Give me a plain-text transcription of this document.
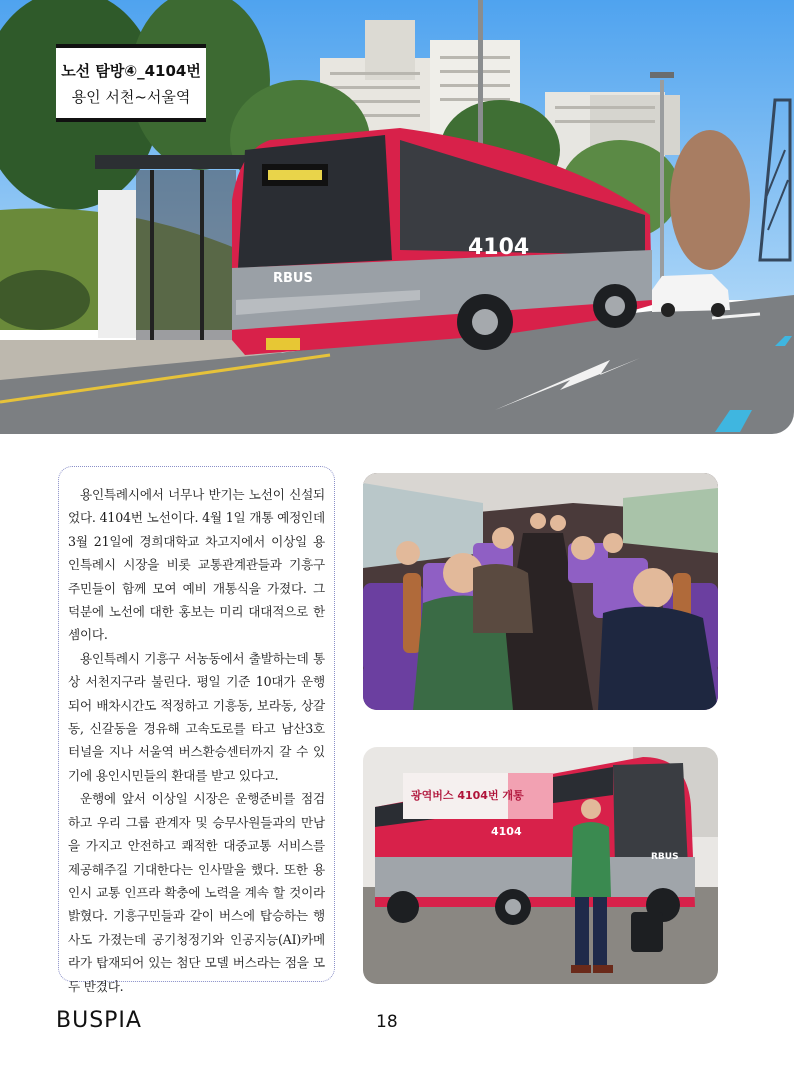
4104
RBUS
노선 탐방④_4104번
용인 서천~서울역

용인특례시에서 너무나 반기는 노선이 신설되었다. 4104번 노선이다. 4월 1일 개통 예정인데 3월 21일에 경희대학교 차고지에서 이상일 용인특례시 시장을 비롯 교통관계관들과 기흥구 주민들이 함께 모여 예비 개통식을 가졌다. 그 덕분에 노선에 대한 홍보는 미리 대대적으로 한 셈이다.

용인특례시 기흥구 서농동에서 출발하는데 통상 서천지구라 불린다. 평일 기준 10대가 운행되어 배차시간도 적정하고 기흥동, 보라동, 상갈동, 신갈동을 경유해 고속도로를 타고 남산3호터널을 지나 서울역 버스환승센터까지 갈 수 있기에 용인시민들의 환대를 받고 있다고.

운행에 앞서 이상일 시장은 운행준비를 점검하고 우리 그룹 관계자 및 승무사원들과의 만남을 가지고 안전하고 쾌적한 대중교통 서비스를 제공해주길 기대한다는 인사말을 했다. 또한 용인시 교통 인프라 확충에 노력을 계속 할 것이라 밝혔다. 기흥구민들과 같이 버스에 탑승하는 행사도 가졌는데 공기청정기와 인공지능(AI)카메라가 탑재되어 있는 첨단 모델 버스라는 점을 모두 반겼다.

광역버스 4104번 개통
4104
RBUS
BUSPIA	18
